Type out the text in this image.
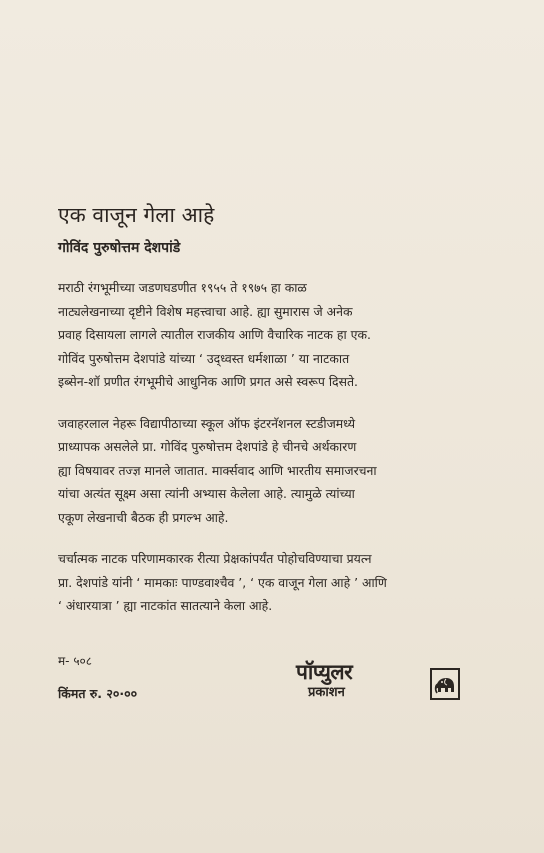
एक वाजून गेला आहे
गोविंद पुरुषोत्तम देशपांडे

मराठी रंगभूमीच्या जडणघडणीत १९५५ ते १९७५ हा काळ
नाट्यलेखनाच्या दृष्टीने विशेष महत्त्वाचा आहे. ह्या सुमारास जे अनेक
प्रवाह दिसायला लागले त्यातील राजकीय आणि वैचारिक नाटक हा एक.
गोविंद पुरुषोत्तम देशपांडे यांच्या ‘ उद्ध्वस्त धर्मशाळा ’ या नाटकात
इब्सेन-शॉ प्रणीत रंगभूमीचे आधुनिक आणि प्रगत असे स्वरूप दिसते.

जवाहरलाल नेहरू विद्यापीठाच्या स्कूल ऑफ इंटरनॅशनल स्टडीजमध्ये
प्राध्यापक असलेले प्रा. गोविंद पुरुषोत्तम देशपांडे हे चीनचे अर्थकारण
ह्या विषयावर तज्ज्ञ मानले जातात. मार्क्सवाद आणि भारतीय समाजरचना
यांचा अत्यंत सूक्ष्म असा त्यांनी अभ्यास केलेला आहे. त्यामुळे त्यांच्या
एकूण लेखनाची बैठक ही प्रगल्भ आहे.

चर्चात्मक नाटक परिणामकारक रीत्या प्रेक्षकांपर्यंत पोहोचविण्याचा प्रयत्न
प्रा. देशपांडे यांनी ‘ मामकाः पाण्डवाश्चैव ’, ‘ एक वाजून गेला आहे ’ आणि
‘ अंधारयात्रा ’ ह्या नाटकांत सातत्याने केला आहे.

म- ५०८
किंमत रु. २०·००
पॉप्युलर
प्रकाशन
